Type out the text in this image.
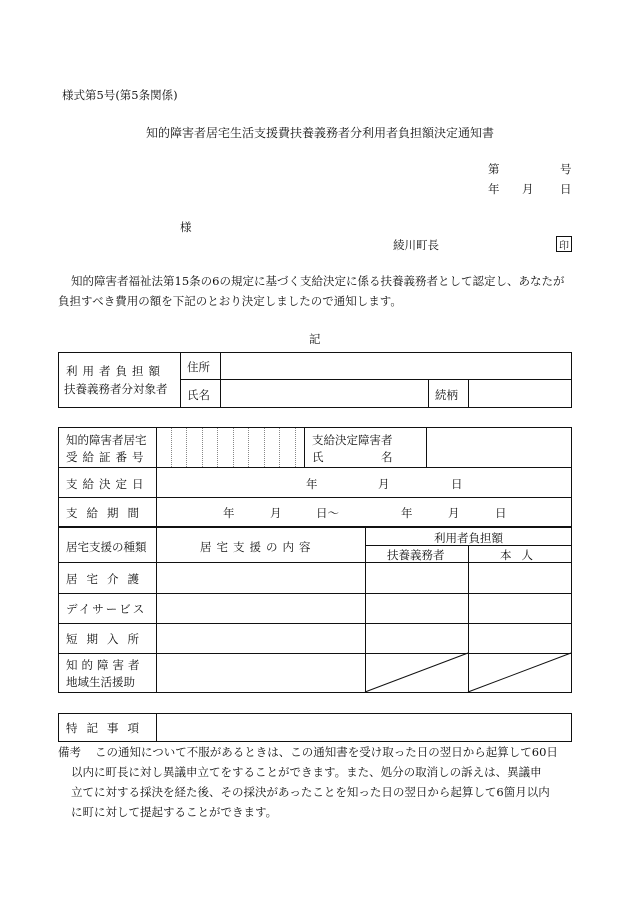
様式第5号(第5条関係)
知的障害者居宅生活支援費扶養義務者分利用者負担額決定通知書
第	号
年 月 日
様
綾川町長	印
知的障害者福祉法第15条の6の規定に基づく支給決定に係る扶養義務者として認定し、あなたが
負担すべき費用の額を下記のとおり決定しましたので通知します。
記
利用者負担額
扶養義務者分対象者
住所
氏名	続柄
知的障害者居宅
受給証番号
支給決定障害者
氏	名
支給決定日	年	月	日
支給期間	年	月	日～	年	月	日
居宅支援の種類	居宅支援の内容
利用者負担額
扶養義務者	本人
居宅介護
デイサービス
短期入所
知的障害者
地域生活援助
特記事項
備考 この通知について不服があるときは、この通知書を受け取った日の翌日から起算して60日
以内に町長に対し異議申立てをすることができます。また、処分の取消しの訴えは、異議申
立てに対する採決を経た後、その採決があったことを知った日の翌日から起算して6箇月以内
に町に対して提起することができます。
